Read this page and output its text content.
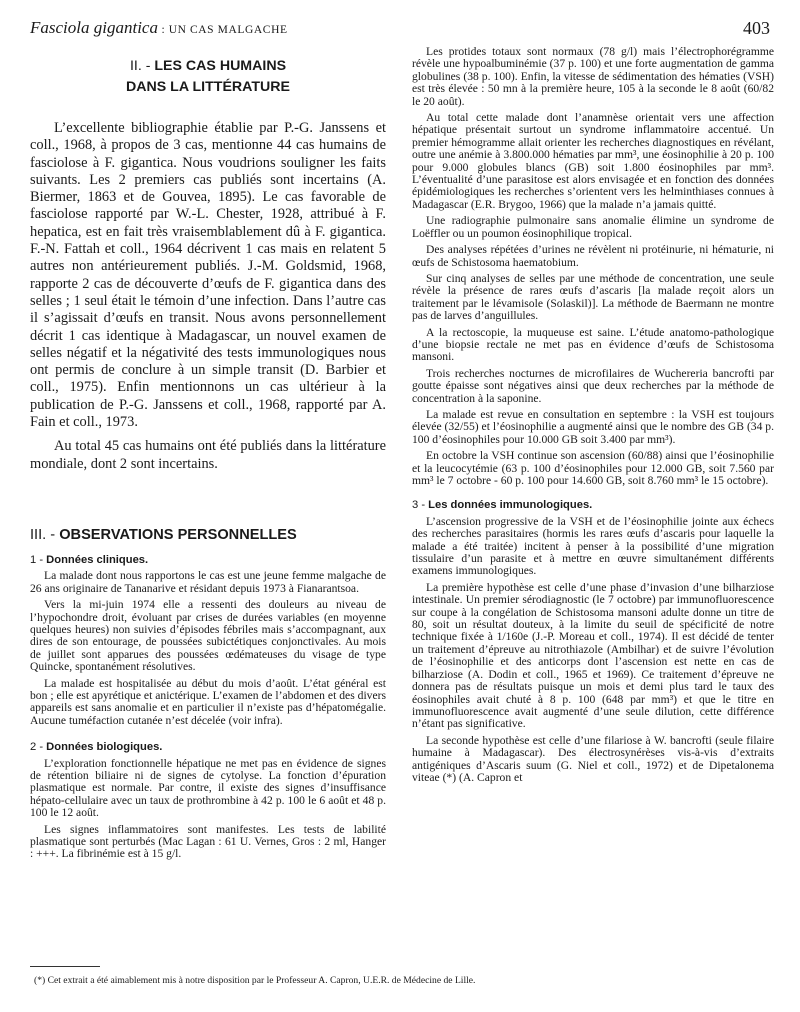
Fasciola gigantica : UN CAS MALGACHE	403
II. - LES CAS HUMAINS
DANS LA LITTÉRATURE

L’excellente bibliographie établie par P.-G. Janssens et coll., 1968, à propos de 3 cas, mentionne 44 cas humains de fasciolose à F. gigantica. Nous voudrions souligner les faits suivants. Les 2 premiers cas publiés sont incertains (A. Biermer, 1863 et de Gouvea, 1895). Le cas favorable de fasciolose rapporté par W.-L. Chester, 1928, attribué à F. hepatica, est en fait très vraisemblablement dû à F. gigantica. F.-N. Fattah et coll., 1964 décrivent 1 cas mais en relatent 5 autres non antérieurement publiés. J.-M. Goldsmid, 1968, rapporte 2 cas de découverte d’œufs de F. gigantica dans des selles ; 1 seul était le témoin d’une infection. Dans l’autre cas il s’agissait d’œufs en transit. Nous avons personnellement décrit 1 cas identique à Madagascar, un nouvel examen de selles négatif et la négativité des tests immunologiques nous ont permis de conclure à un simple transit (D. Barbier et coll., 1975). Enfin mentionnons un cas ultérieur à la publication de P.-G. Janssens et coll., 1968, rapporté par A. Fain et coll., 1973.

Au total 45 cas humains ont été publiés dans la littérature mondiale, dont 2 sont incertains.

III. - OBSERVATIONS PERSONNELLES
1 - Données cliniques.

La malade dont nous rapportons le cas est une jeune femme malgache de 26 ans originaire de Tananarive et résidant depuis 1973 à Fianarantsoa.

Vers la mi-juin 1974 elle a ressenti des douleurs au niveau de l’hypochondre droit, évoluant par crises de durées variables (en moyenne quelques heures) non suivies d’épisodes fébriles mais s’accompagnant, aux dires de son entourage, de poussées subictétiques conjonctivales. Au mois de juillet sont apparues des poussées œdémateuses du visage de type Quincke, spontanément résolutives.

La malade est hospitalisée au début du mois d’août. L’état général est bon ; elle est apyrétique et anictérique. L’examen de l’abdomen et des divers appareils est sans anomalie et en particulier il n’existe pas d’hépatomégalie. Aucune tuméfaction cutanée n’est décelée (voir infra).

2 - Données biologiques.

L’exploration fonctionnelle hépatique ne met pas en évidence de signes de rétention biliaire ni de signes de cytolyse. La fonction d’épuration plasmatique est normale. Par contre, il existe des signes d’insuffisance hépato-cellulaire avec un taux de prothrombine à 42 p. 100 le 6 août et 48 p. 100 le 12 août.

Les signes inflammatoires sont manifestes. Les tests de labilité plasmatique sont perturbés (Mac Lagan : 61 U. Vernes, Gros : 2 ml, Hanger : +++. La fibrinémie est à 15 g/l.

Les protides totaux sont normaux (78 g/l) mais l’électrophorégramme révèle une hypoalbuminémie (37 p. 100) et une forte augmentation de gamma globulines (38 p. 100). Enfin, la vitesse de sédimentation des hématies (VSH) est très élevée : 50 mn à la première heure, 105 à la seconde le 8 août (60/82 le 20 août).

Au total cette malade dont l’anamnèse orientait vers une affection hépatique présentait surtout un syndrome inflammatoire accentué. Un premier hémogramme allait orienter les recherches diagnostiques en révélant, outre une anémie à 3.800.000 hématies par mm³, une éosinophilie à 20 p. 100 pour 9.000 globules blancs (GB) soit 1.800 éosinophiles par mm³. L’éventualité d’une parasitose est alors envisagée et en fonction des données épidémiologiques les recherches s’orientent vers les helminthiases connues à Madagascar (E.R. Brygoo, 1966) que la malade n’a jamais quitté.

Une radiographie pulmonaire sans anomalie élimine un syndrome de Loëffler ou un poumon éosinophilique tropical.

Des analyses répétées d’urines ne révèlent ni protéinurie, ni hématurie, ni œufs de Schistosoma haematobium.

Sur cinq analyses de selles par une méthode de concentration, une seule révèle la présence de rares œufs d’ascaris [la malade reçoit alors un traitement par le lévamisole (Solaskil)]. La méthode de Baermann ne montre pas de larves d’anguillules.

A la rectoscopie, la muqueuse est saine. L’étude anatomo-pathologique d’une biopsie rectale ne met pas en évidence d’œufs de Schistosoma mansoni.

Trois recherches nocturnes de microfilaires de Wuchereria bancrofti par goutte épaisse sont négatives ainsi que deux recherches par la méthode de concentration à la saponine.

La malade est revue en consultation en septembre : la VSH est toujours élevée (32/55) et l’éosinophilie a augmenté ainsi que le nombre des GB (34 p. 100 d’éosinophiles pour 10.000 GB soit 3.400 par mm³).

En octobre la VSH continue son ascension (60/88) ainsi que l’éosinophilie et la leucocytémie (63 p. 100 d’éosinophiles pour 12.000 GB, soit 7.560 par mm³ le 7 octobre - 60 p. 100 pour 14.600 GB, soit 8.760 mm³ le 15 octobre).

3 - Les données immunologiques.

L’ascension progressive de la VSH et de l’éosinophilie jointe aux échecs des recherches parasitaires (hormis les rares œufs d’ascaris pour laquelle la malade a été traitée) incitent à penser à la possibilité d’une migration tissulaire d’un parasite et à mettre en œuvre simultanément différents examens immunologiques.

La première hypothèse est celle d’une phase d’invasion d’une bilharziose intestinale. Un premier sérodiagnostic (le 7 octobre) par immunofluorescence sur coupe à la congélation de Schistosoma mansoni adulte donne un titre de 80, soit un résultat douteux, à la limite du seuil de spécificité de notre technique fixée à 1/160e (J.-P. Moreau et coll., 1974). Il est décidé de tenter un traitement d’épreuve au nitrothiazole (Ambilhar) et de suivre l’évolution de l’éosinophilie et des anticorps dont l’ascension est nette en cas de bilharziose (A. Dodin et coll., 1965 et 1969). Ce traitement d’épreuve ne donnera pas de résultats puisque un mois et demi plus tard le taux des éosinophiles avait chuté à 8 p. 100 (648 par mm³) et que le titre en immunofluorescence avait augmenté d’une seule dilution, cette différence n’étant pas significative.

La seconde hypothèse est celle d’une filariose à W. bancrofti (seule filaire humaine à Madagascar). Des électrosynérèses vis-à-vis d’extraits antigéniques d’Ascaris suum (G. Niel et coll., 1972) et de Dipetalonema viteae (*) (A. Capron et

(*) Cet extrait a été aimablement mis à notre disposition par le Professeur A. Capron, U.E.R. de Médecine de Lille.
